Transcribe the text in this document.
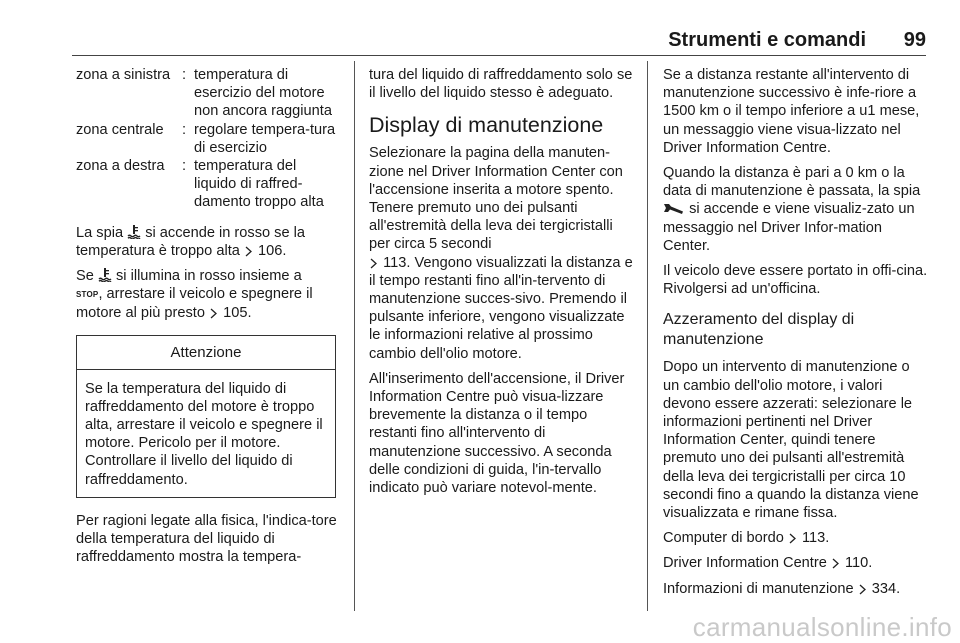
Strumenti e comandi 99
zona a sinistra : temperatura di esercizio del motore non ancora raggiunta
zona centrale	: regolare tempera-tura di esercizio
zona a destra	: temperatura del liquido di raffred-damento troppo alta

La spia si accende in rosso se la temperatura è troppo alta 106.

Se si illumina in rosso insieme a
STOP, arrestare il veicolo e spegnere il motore al più presto 105.

Attenzione
Se la temperatura del liquido di raffreddamento del motore è troppo alta, arrestare il veicolo e spegnere il motore. Pericolo per il motore. Controllare il livello del liquido di raffreddamento.

Per ragioni legate alla fisica, l'indica-tore della temperatura del liquido di raffreddamento mostra la tempera-

tura del liquido di raffreddamento solo se il livello del liquido stesso è adeguato.

Display di manutenzione

Selezionare la pagina della manuten-zione nel Driver Information Center con l'accensione inserita a motore spento. Tenere premuto uno dei pulsanti all'estremità della leva dei tergicristalli per circa 5 secondi
113. Vengono visualizzati la distanza e il tempo restanti fino all'in-tervento di manutenzione succes-sivo. Premendo il pulsante inferiore, vengono visualizzate le informazioni relative al prossimo cambio dell'olio motore.

All'inserimento dell'accensione, il Driver Information Centre può visua-lizzare brevemente la distanza o il tempo restanti fino all'intervento di manutenzione successivo. A seconda delle condizioni di guida, l'in-tervallo indicato può variare notevol-mente.

Se a distanza restante all'intervento di manutenzione successivo è infe-riore a 1500 km o il tempo inferiore a u1 mese, un messaggio viene visua-lizzato nel Driver Information Centre.

Quando la distanza è pari a 0 km o la data di manutenzione è passata, la spia  si accende e viene visualiz-zato un messaggio nel Driver Infor-mation Center.

Il veicolo deve essere portato in offi-cina. Rivolgersi ad un'officina.

Azzeramento del display di manutenzione

Dopo un intervento di manutenzione o un cambio dell'olio motore, i valori devono essere azzerati: selezionare le informazioni pertinenti nel Driver Information Center, quindi tenere premuto uno dei pulsanti all'estremità della leva dei tergicristalli per circa 10 secondi fino a quando la distanza viene visualizzata e rimane fissa.

Computer di bordo 113.

Driver Information Centre 110.

Informazioni di manutenzione 334.

carmanualsonline.info
